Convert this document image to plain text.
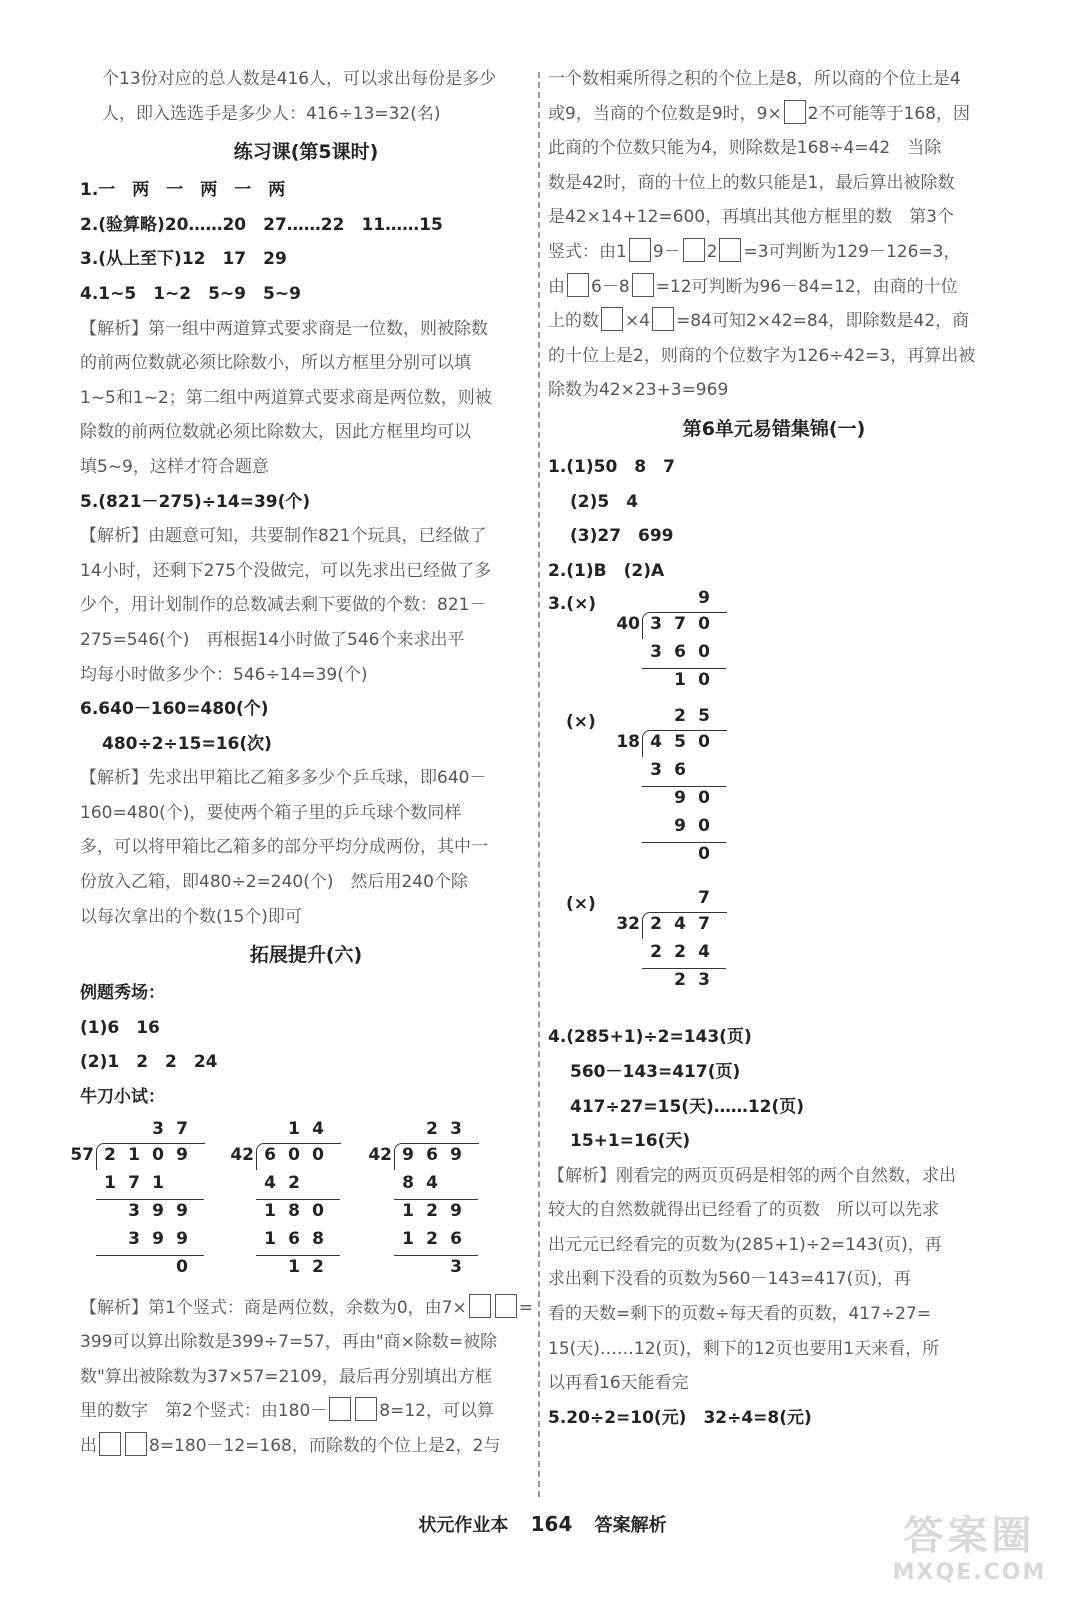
个13份对应的总人数是416人，可以求出每份是多少
人，即入选选手是多少人：416÷13=32(名)
练习课(第5课时)
1.一　两　一　两　一　两
2.(验算略)20……20　27……22　11……15
3.(从上至下)12　17　29
4.1~5　1~2　5~9　5~9
【解析】第一组中两道算式要求商是一位数，则被除数
的前两位数就必须比除数小，所以方框里分别可以填
1~5和1~2；第二组中两道算式要求商是两位数，则被
除数的前两位数就必须比除数大，因此方框里均可以
填5~9，这样才符合题意
5.(821－275)÷14=39(个)
【解析】由题意可知，共要制作821个玩具，已经做了
14小时，还剩下275个没做完，可以先求出已经做了多
少个，用计划制作的总数减去剩下要做的个数：821－
275=546(个)　再根据14小时做了546个来求出平
均每小时做多少个：546÷14=39(个)
6.640－160=480(个)
480÷2÷15=16(次)
【解析】先求出甲箱比乙箱多多少个乒乓球，即640－
160=480(个)，要使两个箱子里的乒乓球个数同样
多，可以将甲箱比乙箱多的部分平均分成两份，其中一
份放入乙箱，即480÷2=240(个)　然后用240个除
以每次拿出的个数(15个)即可
拓展提升(六)
例题秀场：
(1)6　16
(2)1　2　2　24
牛刀小试：
3 7
57 2 1 0 9
1 7 1
3 9 9
3 9 9
0
1 4
42 6 0 0
4 2
1 8 0
1 6 8
1 2
2 3
42 9 6 9
8 4
1 2 9
1 2 6
3
【解析】第1个竖式：商是两位数，余数为0，由7×	=
399可以算出除数是399÷7=57，再由"商×除数=被除
数"算出被除数为37×57=2109，最后再分别填出方框
里的数字　第2个竖式：由180－	8=12，可以算
出	8=180－12=168，而除数的个位上是2，2与
一个数相乘所得之积的个位上是8，所以商的个位上是4
或9，当商的个位数是9时，9× 2不可能等于168，因
此商的个位数只能为4，则除数是168÷4=42　当除
数是42时，商的十位上的数只能是1，最后算出被除数
是42×14+12=600，再填出其他方框里的数　第3个
竖式：由1 9－ 2 =3可判断为129－126=3，
由 6－8 =12可判断为96－84=12，由商的十位
上的数 ×4 =84可知2×42=84，即除数是42，商
的十位上是2，则商的个位数字为126÷42=3，再算出被
除数为42×23+3=969
第6单元易错集锦(一)
1.(1)50　8　7
(2)5　4
(3)27　699
2.(1)B　(2)A
3.(×)	9
40 3 7 0
3 6 0
1 0
(×)	2 5
18 4 5 0
3 6
9 0
9 0
0
(×)	7
32 2 4 7
2 2 4
2 3
4.(285+1)÷2=143(页)
560－143=417(页)
417÷27=15(天)……12(页)
15+1=16(天)
【解析】刚看完的两页页码是相邻的两个自然数，求出
较大的自然数就得出已经看了的页数　所以可以先求
出元元已经看完的页数为(285+1)÷2=143(页)，再
求出剩下没看的页数为560－143=417(页)，再
看的天数=剩下的页数÷每天看的页数，417÷27=
15(天)……12(页)，剩下的12页也要用1天来看，所
以再看16天能看完
5.20÷2=10(元)　32÷4=8(元)
状元作业本 164 答案解析	答案圈
MXQE.COM
